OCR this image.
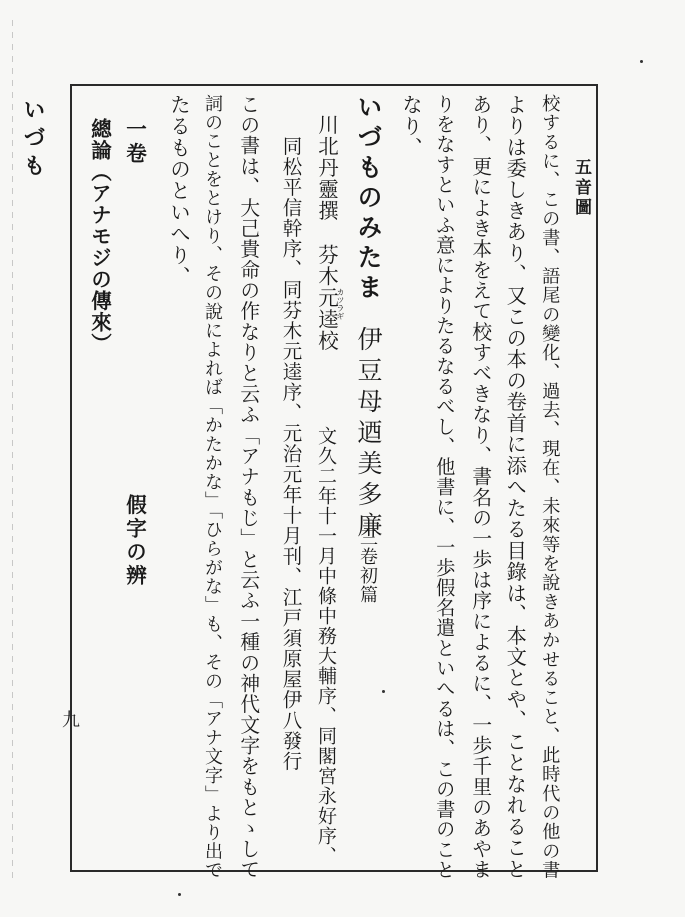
いづも
九
五音圖
校するに、この書、語尾の變化、過去、現在、未來等を說きあかせること、此時代の他の書
よりは委しきあり、又この本の卷首に添へたる目錄は、本文とや、ことなれること
あり、更によき本をえて校すべきなり、書名の一歩は序によるに、一歩千里のあやま
りをなすといふ意によりたるなるべし、他書に、一歩假名遣といへるは、この書のこと
なり、
いづものみたま
伊豆母迺美多廉
三卷初篇
川北丹靈撰
カツラギ
芬木元逵校
文久二年十一月中條中務大輔序、同閣宮永好序、
同松平信幹序、同芬木元逵序、元治元年十月刊、江戸須原屋伊八發行
この書は、大己貴命の作なりと云ふ「アナもじ」と云ふ一種の神代文字をもとゝして
詞のことをとけり、その說によれば「かたかな」「ひらがな」も、その「アナ文字」より出で
たるものといへり、
一卷
總論（アナモジの傳來）
假字の辨
